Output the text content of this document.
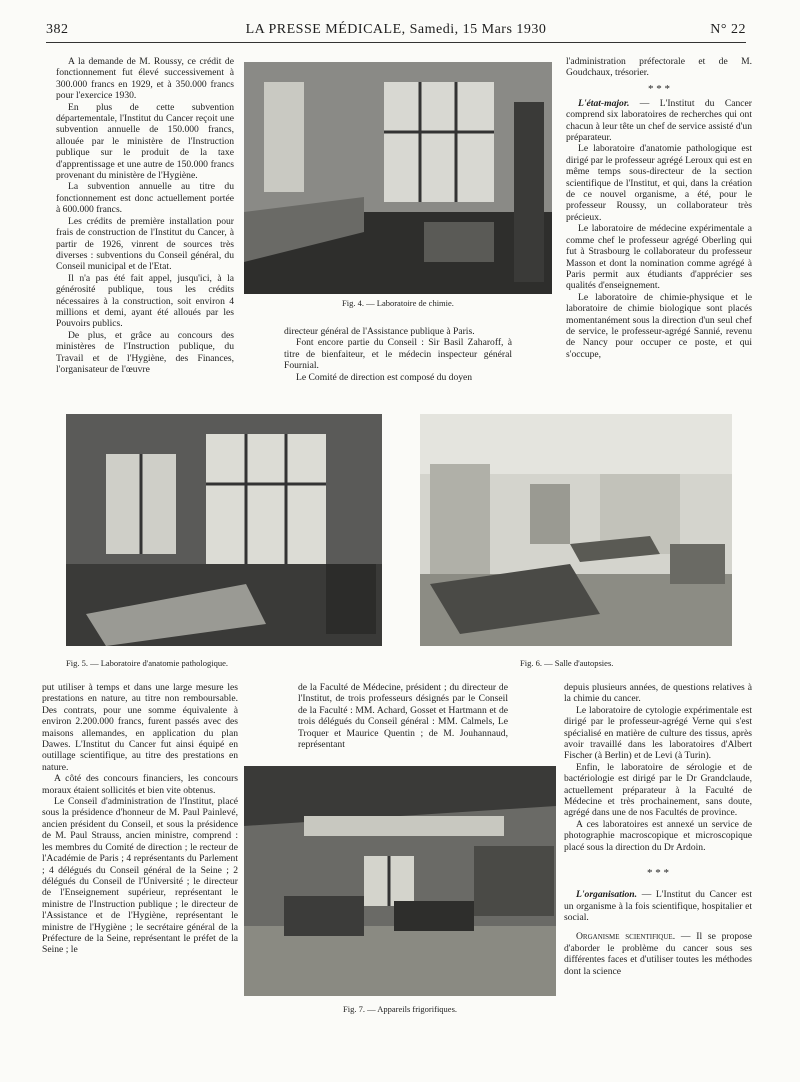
382	LA PRESSE MÉDICALE, Samedi, 15 Mars 1930	N° 22

A la demande de M. Roussy, ce crédit de fonctionnement fut élevé successivement à 300.000 francs en 1929, et à 350.000 francs pour l'exercice 1930.

En plus de cette subvention départementale, l'Institut du Cancer reçoit une subvention annuelle de 150.000 francs, allouée par le ministère de l'Instruction publique sur le produit de la taxe d'apprentissage et une autre de 150.000 francs provenant du ministère de l'Hygiène.

La subvention annuelle au titre du fonctionnement est donc actuellement portée à 600.000 francs.

Les crédits de première installation pour frais de construction de l'Institut du Cancer, à partir de 1926, vinrent de sources très diverses : subventions du Conseil général, du Conseil municipal et de l'Etat.

Il n'a pas été fait appel, jusqu'ici, à la générosité publique, tous les crédits nécessaires à la construction, soit environ 4 millions et demi, ayant été alloués par les Pouvoirs publics.

De plus, et grâce au concours des ministères de l'Instruction publique, du Travail et de l'Hygiène, des Finances, l'organisateur de l'œuvre

Fig. 4. — Laboratoire de chimie.

directeur général de l'Assistance publique à Paris.

Font encore partie du Conseil : Sir Basil Zaharoff, à titre de bienfaiteur, et le médecin inspecteur général Fournial.

Le Comité de direction est composé du doyen

l'administration préfectorale et de M. Goudchaux, trésorier.

* * *

L'état-major. — L'Institut du Cancer comprend six laboratoires de recherches qui ont chacun à leur tête un chef de service assisté d'un préparateur.

Le laboratoire d'anatomie pathologique est dirigé par le professeur agrégé Leroux qui est en même temps sous-directeur de la section scientifique de l'Institut, et qui, dans la création de ce nouvel organisme, a été, pour le professeur Roussy, un collaborateur très précieux.

Le laboratoire de médecine expérimentale a comme chef le professeur agrégé Oberling qui fut à Strasbourg le collaborateur du professeur Masson et dont la nomination comme agrégé à Paris permit aux étudiants d'apprécier ses qualités d'enseignement.

Le laboratoire de chimie-physique et le laboratoire de chimie biologique sont placés momentanément sous la direction d'un seul chef de service, le professeur-agrégé Sannié, revenu de Nancy pour occuper ce poste, et qui s'occupe,

Fig. 5. — Laboratoire d'anatomie pathologique.	Fig. 6. — Salle d'autopsies.

put utiliser à temps et dans une large mesure les prestations en nature, au titre non remboursable. Des contrats, pour une somme équivalente à environ 2.200.000 francs, furent passés avec des maisons allemandes, en application du plan Dawes. L'Institut du Cancer fut ainsi équipé en outillage scientifique, au titre des prestations en nature.

A côté des concours financiers, les concours moraux étaient sollicités et bien vite obtenus.

Le Conseil d'administration de l'Institut, placé sous la présidence d'honneur de M. Paul Painlevé, ancien président du Conseil, et sous la présidence de M. Paul Strauss, ancien ministre, comprend : les membres du Comité de direction ; le recteur de l'Académie de Paris ; 4 représentants du Parlement ; 4 délégués du Conseil général de la Seine ; 2 délégués du Conseil de l'Université ; le directeur de l'Enseignement supérieur, représentant le ministre de l'Instruction publique ; le directeur de l'Assistance et de l'Hygiène, représentant le ministre de l'Hygiène ; le secrétaire général de la Préfecture de la Seine, représentant le préfet de la Seine ; le

de la Faculté de Médecine, président ; du directeur de l'Institut, de trois professeurs désignés par le Conseil de la Faculté : MM. Achard, Gosset et Hartmann et de trois délégués du Conseil général : MM. Calmels, Le Troquer et Maurice Quentin ; de M. Jouhannaud, représentant

Fig. 7. — Appareils frigorifiques.

depuis plusieurs années, de questions relatives à la chimie du cancer.

Le laboratoire de cytologie expérimentale est dirigé par le professeur-agrégé Verne qui s'est spécialisé en matière de culture des tissus, après avoir travaillé dans les laboratoires d'Albert Fischer (à Berlin) et de Levi (à Turin).

Enfin, le laboratoire de sérologie et de bactériologie est dirigé par le Dr Grandclaude, actuellement préparateur à la Faculté de Médecine et très prochainement, sans doute, agrégé dans une de nos Facultés de province.

A ces laboratoires est annexé un service de photographie macroscopique et microscopique placé sous la direction du Dr Ardoin.

* * *

L'organisation. — L'Institut du Cancer est un organisme à la fois scientifique, hospitalier et social.

Organisme scientifique. — Il se propose d'aborder le problème du cancer sous ses différentes faces et d'utiliser toutes les méthodes dont la science
